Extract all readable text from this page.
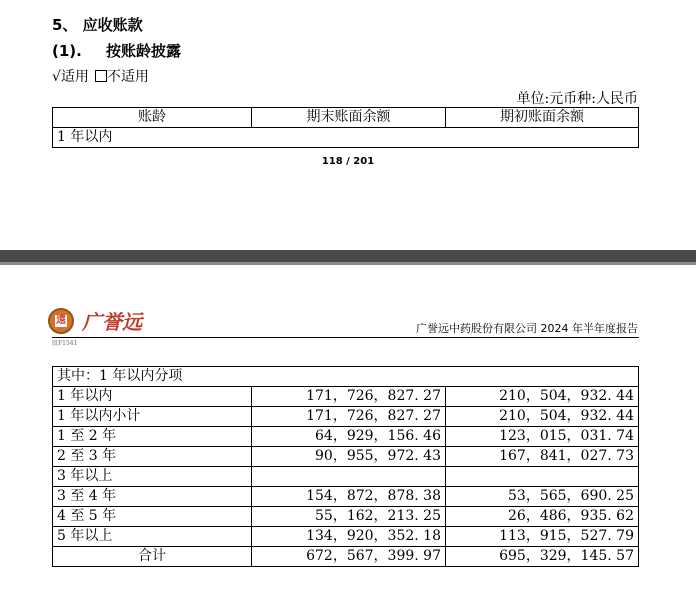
5、 应收账款
(1). 按账龄披露
√适用 不适用
单位:元币种:人民币
账龄	期末账面余额	期初账面余额
1 年以内
118 / 201
遠 广誉远
股F1541
广誉远中药股份有限公司 2024 年半年度报告
其中：1 年以内分项		
1 年以内	171，726，827. 27	210，504，932. 44
1 年以内小计	171，726，827. 27	210，504，932. 44
1 至 2 年	64，929，156. 46	123，015，031. 74
2 至 3 年	90，955，972. 43	167，841，027. 73
3 年以上		
3 至 4 年	154，872，878. 38	53，565，690. 25
4 至 5 年	55，162，213. 25	26，486，935. 62
5 年以上	134，920，352. 18	113，915，527. 79
合计	672，567，399. 97	695，329，145. 57
